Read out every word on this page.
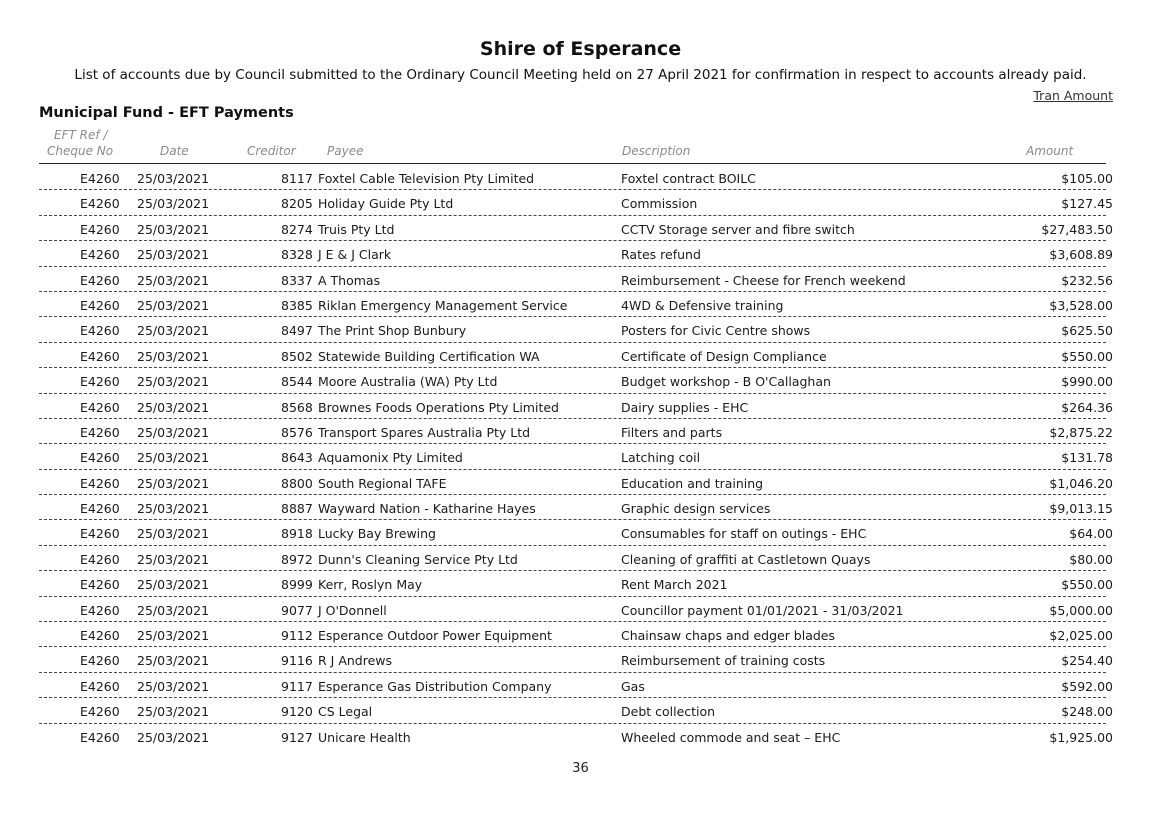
Shire of Esperance
List of accounts due by Council submitted to the Ordinary Council Meeting held on 27 April 2021 for confirmation in respect to accounts already paid.
Tran Amount
Municipal Fund - EFT Payments
EFT Ref /
Cheque No	Date	Creditor	Payee	Description	Amount
E4260 25/03/2021	8117 Foxtel Cable Television Pty Limited	Foxtel contract BOILC	$105.00
E4260 25/03/2021	8205 Holiday Guide Pty Ltd	Commission	$127.45
E4260 25/03/2021	8274 Truis Pty Ltd	CCTV Storage server and fibre switch	$27,483.50
E4260 25/03/2021	8328 J E & J Clark	Rates refund	$3,608.89
E4260 25/03/2021	8337 A Thomas	Reimbursement - Cheese for French weekend	$232.56
E4260 25/03/2021	8385 Riklan Emergency Management Service	4WD & Defensive training	$3,528.00
E4260 25/03/2021	8497 The Print Shop Bunbury	Posters for Civic Centre shows	$625.50
E4260 25/03/2021	8502 Statewide Building Certification WA	Certificate of Design Compliance	$550.00
E4260 25/03/2021	8544 Moore Australia (WA) Pty Ltd	Budget workshop - B O'Callaghan	$990.00
E4260 25/03/2021	8568 Brownes Foods Operations Pty Limited	Dairy supplies - EHC	$264.36
E4260 25/03/2021	8576 Transport Spares Australia Pty Ltd	Filters and parts	$2,875.22
E4260 25/03/2021	8643 Aquamonix Pty Limited	Latching coil	$131.78
E4260 25/03/2021	8800 South Regional TAFE	Education and training	$1,046.20
E4260 25/03/2021	8887 Wayward Nation - Katharine Hayes	Graphic design services	$9,013.15
E4260 25/03/2021	8918 Lucky Bay Brewing	Consumables for staff on outings - EHC	$64.00
E4260 25/03/2021	8972 Dunn's Cleaning Service Pty Ltd	Cleaning of graffiti at Castletown Quays	$80.00
E4260 25/03/2021	8999 Kerr, Roslyn May	Rent March 2021	$550.00
E4260 25/03/2021	9077 J O'Donnell	Councillor payment 01/01/2021 - 31/03/2021	$5,000.00
E4260 25/03/2021	9112 Esperance Outdoor Power Equipment	Chainsaw chaps and edger blades	$2,025.00
E4260 25/03/2021	9116 R J Andrews	Reimbursement of training costs	$254.40
E4260 25/03/2021	9117 Esperance Gas Distribution Company	Gas	$592.00
E4260 25/03/2021	9120 CS Legal	Debt collection	$248.00
E4260 25/03/2021	9127 Unicare Health	Wheeled commode and seat – EHC	$1,925.00
36
